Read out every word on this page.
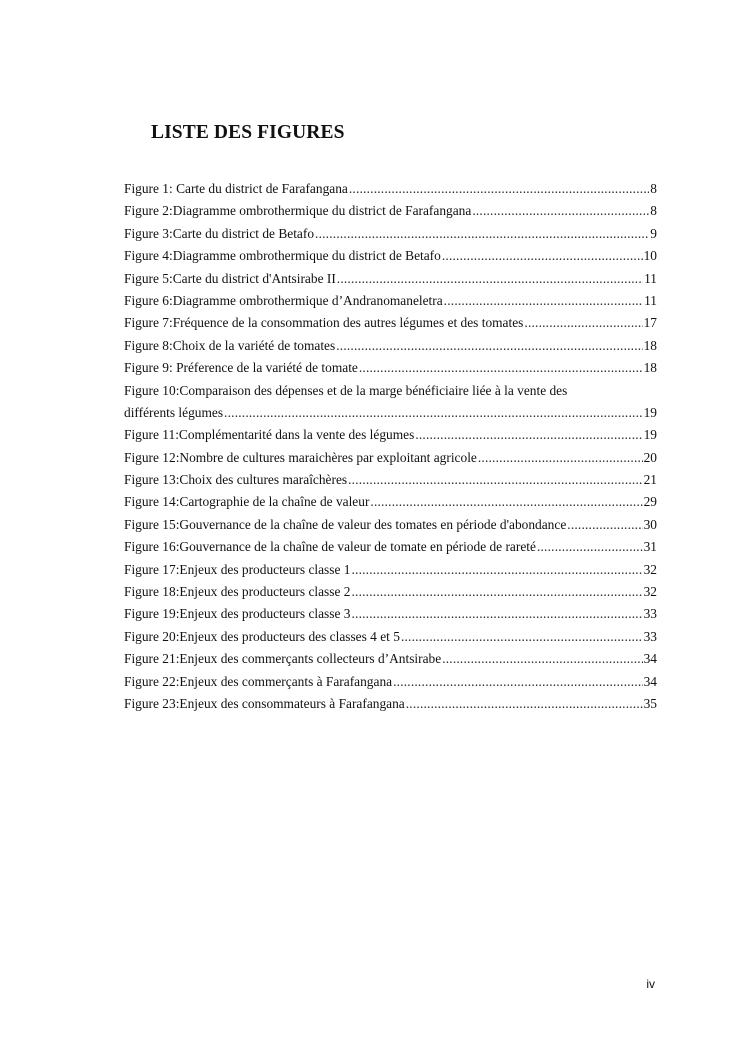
LISTE DES FIGURES
Figure 1: Carte du district de Farafangana .....	8
Figure 2:Diagramme ombrothermique du district de Farafangana .....	8
Figure 3:Carte du district de Betafo .....	9
Figure 4:Diagramme ombrothermique du district de Betafo .....	10
Figure 5:Carte du district d'Antsirabe II .....	11
Figure 6:Diagramme ombrothermique d’Andranomaneletra .....	11
Figure 7:Fréquence de la consommation des autres légumes et des tomates .....	17
Figure 8:Choix de la variété de tomates .....	18
Figure 9: Préference de la variété de tomate .....	18
Figure 10:Comparaison des dépenses et de la marge bénéficiaire liée à la vente des
différents légumes .....	19
Figure 11:Complémentarité dans la vente des légumes .....	19
Figure 12:Nombre de cultures maraichères par exploitant agricole .....	20
Figure 13:Choix des cultures maraîchères .....	21
Figure 14:Cartographie de la chaîne de valeur .....	29
Figure 15:Gouvernance de la chaîne de valeur des tomates en période d'abondance .....	30
Figure 16:Gouvernance de la chaîne de valeur de tomate en période de rareté .....	31
Figure 17:Enjeux des producteurs classe 1 .....	32
Figure 18:Enjeux des producteurs classe 2 .....	32
Figure 19:Enjeux des producteurs classe 3 .....	33
Figure 20:Enjeux des producteurs des classes 4 et 5 .....	33
Figure 21:Enjeux des commerçants collecteurs d’Antsirabe .....	34
Figure 22:Enjeux des commerçants à Farafangana .....	34
Figure 23:Enjeux des consommateurs à Farafangana .....	35
iv
